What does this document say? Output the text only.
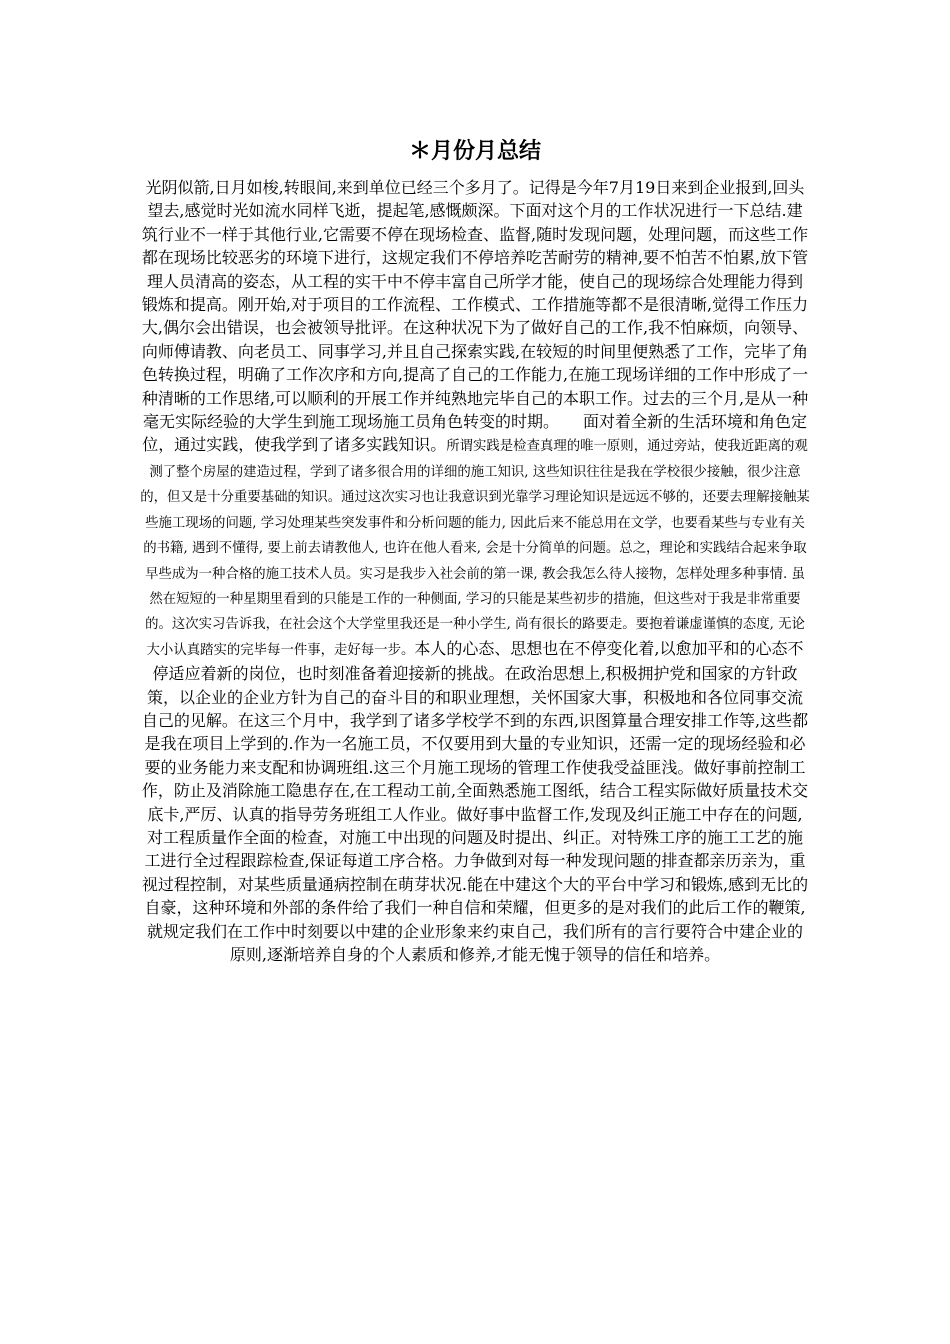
＊月份月总结

光阴似箭,日月如梭,转眼间,来到单位已经三个多月了。记得是今年7月19日来到企业报到,回头望去,感觉时光如流水同样飞逝，提起笔,感慨颇深。下面对这个月的工作状况进行一下总结.建筑行业不一样于其他行业,它需要不停在现场检查、监督,随时发现问题，处理问题，而这些工作都在现场比较恶劣的环境下进行，这规定我们不停培养吃苦耐劳的精神,要不怕苦不怕累,放下管理人员清高的姿态，从工程的实干中不停丰富自己所学才能，使自己的现场综合处理能力得到锻炼和提高。刚开始,对于项目的工作流程、工作模式、工作措施等都不是很清晰,觉得工作压力大,偶尔会出错误，也会被领导批评。在这种状况下为了做好自己的工作,我不怕麻烦，向领导、向师傅请教、向老员工、同事学习,并且自己探索实践,在较短的时间里便熟悉了工作，完毕了角色转换过程，明确了工作次序和方向,提高了自己的工作能力,在施工现场详细的工作中形成了一种清晰的工作思绪,可以顺利的开展工作并纯熟地完毕自己的本职工作。过去的三个月,是从一种毫无实际经验的大学生到施工现场施工员角色转变的时期。　　面对着全新的生活环境和角色定位，通过实践，使我学到了诸多实践知识。所谓实践是检查真理的唯一原则，通过旁站，使我近距离的观测了整个房屋的建造过程，学到了诸多很合用的详细的施工知识, 这些知识往往是我在学校很少接触，很少注意的，但又是十分重要基础的知识。通过这次实习也让我意识到光靠学习理论知识是远远不够的，还要去理解接触某些施工现场的问题, 学习处理某些突发事件和分析问题的能力, 因此后来不能总用在文学，也要看某些与专业有关的书籍, 遇到不懂得, 要上前去请教他人, 也许在他人看来, 会是十分简单的问题。总之，理论和实践结合起来争取早些成为一种合格的施工技术人员。实习是我步入社会前的第一课, 教会我怎么待人接物，怎样处理多种事情. 虽然在短短的一种星期里看到的只能是工作的一种侧面, 学习的只能是某些初步的措施，但这些对于我是非常重要的。这次实习告诉我，在社会这个大学堂里我还是一种小学生, 尚有很长的路要走。要抱着谦虚谨慎的态度, 无论大小认真踏实的完毕每一件事，走好每一步。本人的心态、思想也在不停变化着,以愈加平和的心态不停适应着新的岗位，也时刻准备着迎接新的挑战。在政治思想上,积极拥护党和国家的方针政策，以企业的企业方针为自己的奋斗目的和职业理想，关怀国家大事，积极地和各位同事交流自己的见解。在这三个月中，我学到了诸多学校学不到的东西,识图算量合理安排工作等,这些都是我在项目上学到的.作为一名施工员，不仅要用到大量的专业知识，还需一定的现场经验和必要的业务能力来支配和协调班组.这三个月施工现场的管理工作使我受益匪浅。做好事前控制工作，防止及消除施工隐患存在,在工程动工前,全面熟悉施工图纸，结合工程实际做好质量技术交底卡,严厉、认真的指导劳务班组工人作业。做好事中监督工作,发现及纠正施工中存在的问题,对工程质量作全面的检查，对施工中出现的问题及时提出、纠正。对特殊工序的施工工艺的施工进行全过程跟踪检查,保证每道工序合格。力争做到对每一种发现问题的排查都亲历亲为，重视过程控制，对某些质量通病控制在萌芽状况.能在中建这个大的平台中学习和锻炼,感到无比的自豪，这种环境和外部的条件给了我们一种自信和荣耀，但更多的是对我们的此后工作的鞭策,就规定我们在工作中时刻要以中建的企业形象来约束自己，我们所有的言行要符合中建企业的原则,逐渐培养自身的个人素质和修养,才能无愧于领导的信任和培养。
